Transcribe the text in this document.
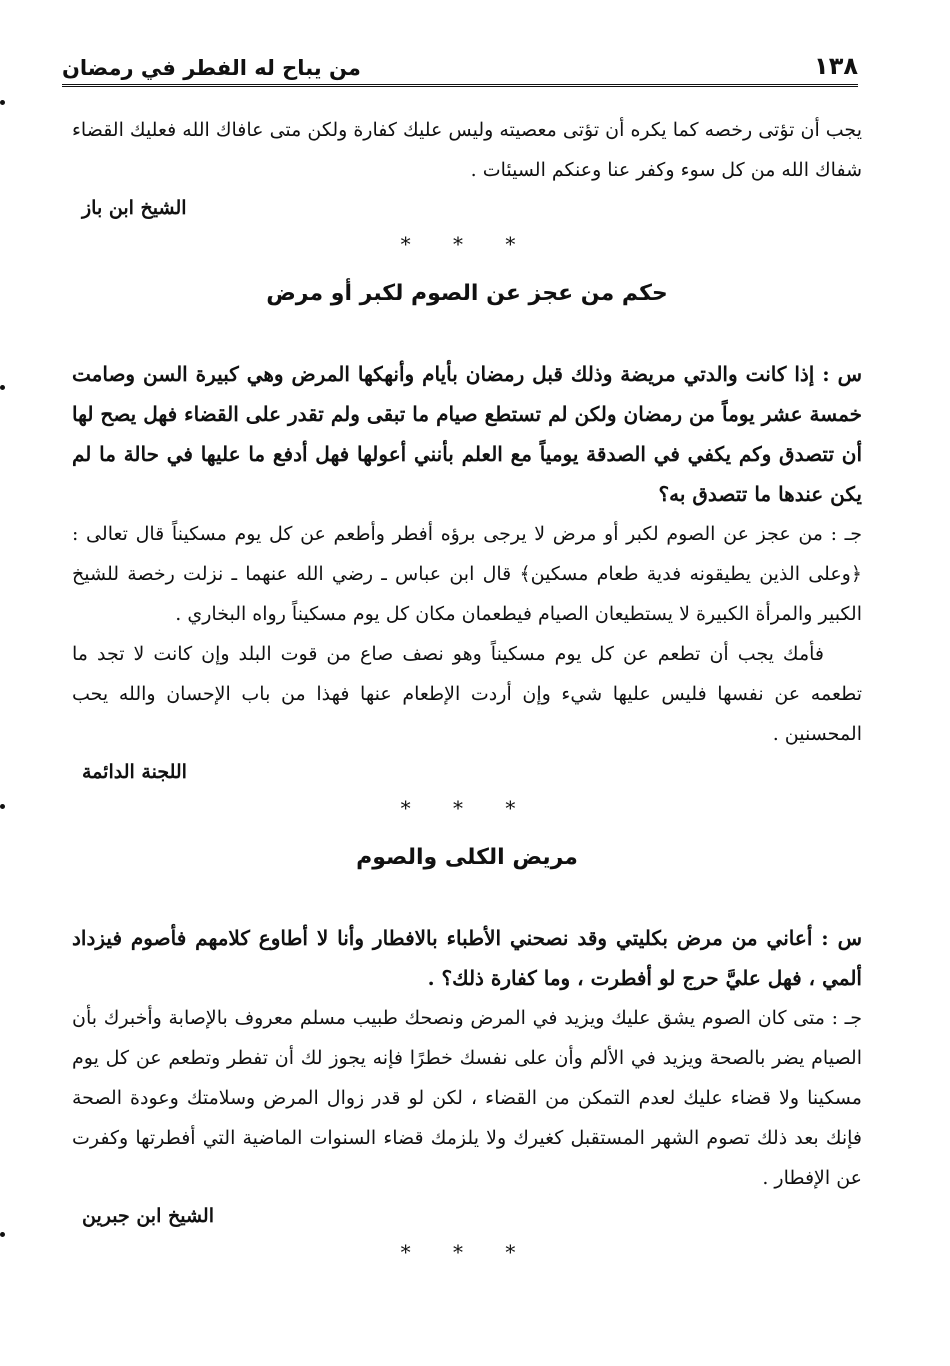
١٣٨
من يباح له الفطر في رمضان

يجب أن تؤتى رخصه كما يكره أن تؤتى معصيته وليس عليك كفارة ولكن متى عافاك الله فعليك القضاء شفاك الله من كل سوء وكفر عنا وعنكم السيئات .

الشيخ ابن باز

* * *
حكم من عجز عن الصوم لكبر أو مرض

س : إذا كانت والدتي مريضة وذلك قبل رمضان بأيام وأنهكها المرض وهي كبيرة السن وصامت خمسة عشر يوماً من رمضان ولكن لم تستطع صيام ما تبقى ولم تقدر على القضاء فهل يصح لها أن تتصدق وكم يكفي في الصدقة يومياً مع العلم بأنني أعولها فهل أدفع ما عليها في حالة ما لم يكن عندها ما تتصدق به؟

جـ : من عجز عن الصوم لكبر أو مرض لا يرجى برؤه أفطر وأطعم عن كل يوم مسكيناً قال تعالى : ﴿وعلى الذين يطيقونه فدية طعام مسكين﴾ قال ابن عباس ـ رضي الله عنهما ـ نزلت رخصة للشيخ الكبير والمرأة الكبيرة لا يستطيعان الصيام فيطعمان مكان كل يوم مسكيناً رواه البخاري .

فأمك يجب أن تطعم عن كل يوم مسكيناً وهو نصف صاع من قوت البلد وإن كانت لا تجد ما تطعمه عن نفسها فليس عليها شيء وإن أردت الإطعام عنها فهذا من باب الإحسان والله يحب المحسنين .

اللجنة الدائمة

* * *
مريض الكلى والصوم

س : أعاني من مرض بكليتي وقد نصحني الأطباء بالافطار وأنا لا أطاوع كلامهم فأصوم فيزداد ألمي ، فهل عليَّ حرج لو أفطرت ، وما كفارة ذلك؟ .

جـ : متى كان الصوم يشق عليك ويزيد في المرض ونصحك طبيب مسلم معروف بالإصابة وأخبرك بأن الصيام يضر بالصحة ويزيد في الألم وأن على نفسك خطرًا فإنه يجوز لك أن تفطر وتطعم عن كل يوم مسكينا ولا قضاء عليك لعدم التمكن من القضاء ، لكن لو قدر زوال المرض وسلامتك وعودة الصحة فإنك بعد ذلك تصوم الشهر المستقبل كغيرك ولا يلزمك قضاء السنوات الماضية التي أفطرتها وكفرت عن الإفطار .

الشيخ ابن جبرين

* * *
